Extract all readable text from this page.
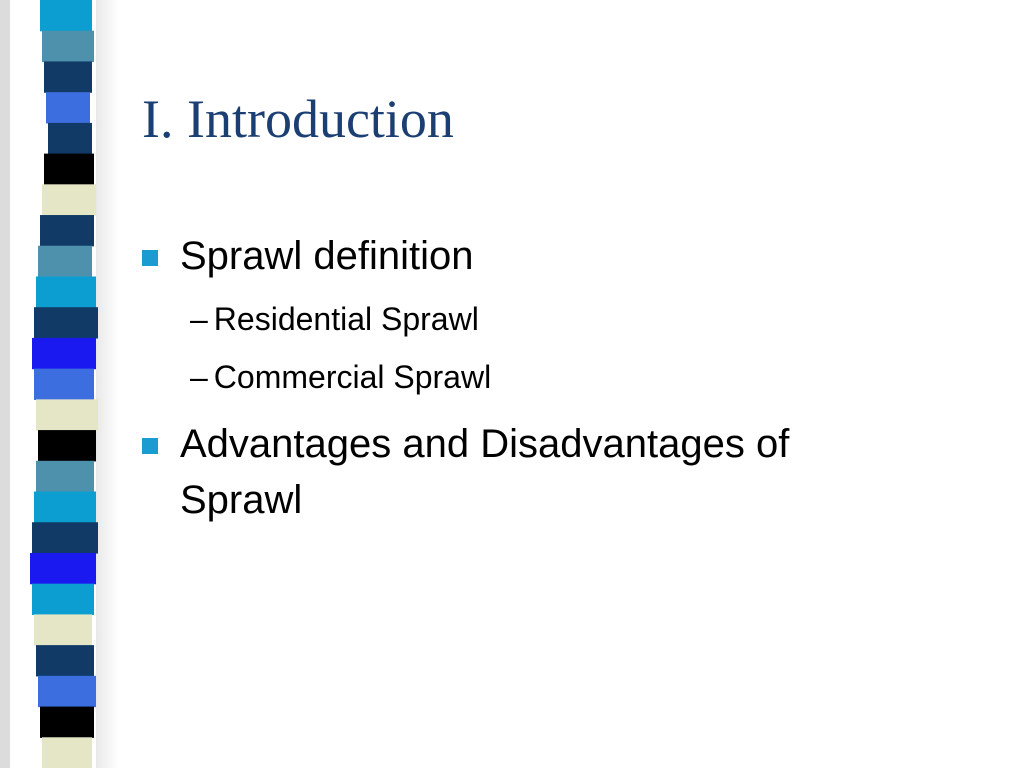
I. Introduction
Sprawl definition
– Residential Sprawl
– Commercial Sprawl
Advantages and Disadvantages of Sprawl
